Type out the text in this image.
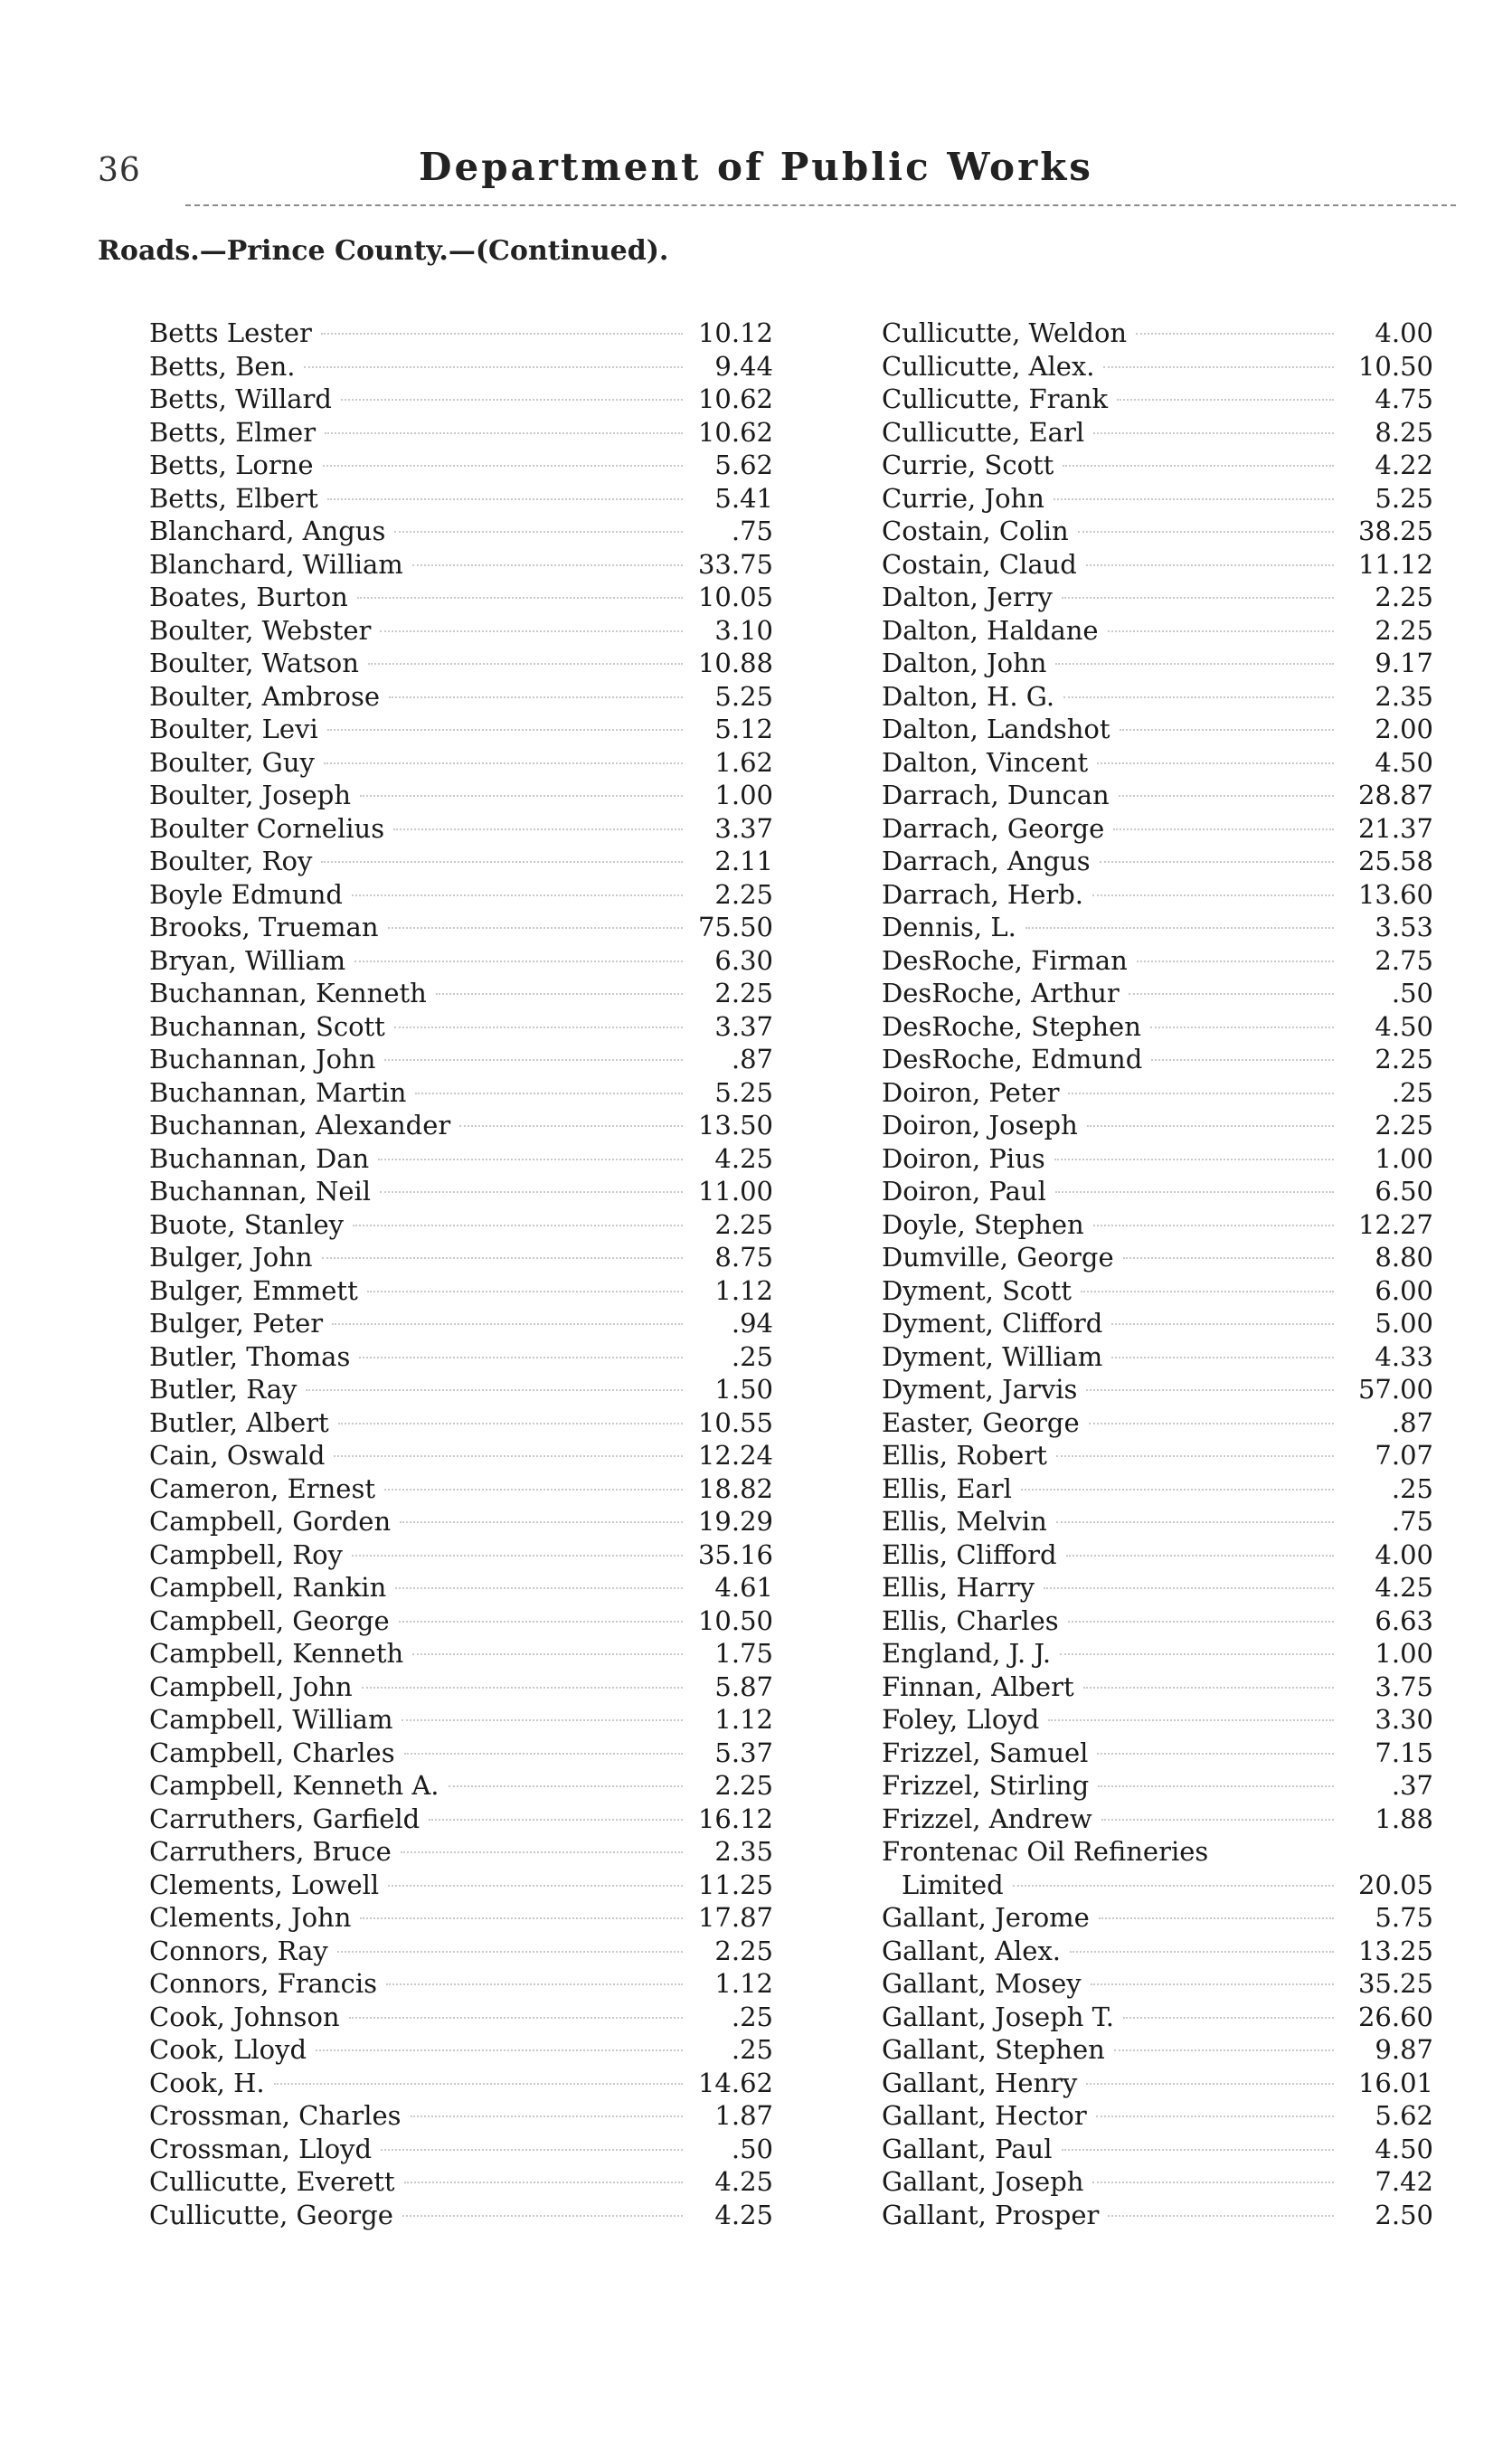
36	Department of Public Works
Roads.—Prince County.—(Continued).
Betts Lester	10.12
Betts, Ben.	9.44
Betts, Willard	10.62
Betts, Elmer	10.62
Betts, Lorne	5.62
Betts, Elbert	5.41
Blanchard, Angus	.75
Blanchard, William	33.75
Boates, Burton	10.05
Boulter, Webster	3.10
Boulter, Watson	10.88
Boulter, Ambrose	5.25
Boulter, Levi	5.12
Boulter, Guy	1.62
Boulter, Joseph	1.00
Boulter Cornelius	3.37
Boulter, Roy	2.11
Boyle Edmund	2.25
Brooks, Trueman	75.50
Bryan, William	6.30
Buchannan, Kenneth	2.25
Buchannan, Scott	3.37
Buchannan, John	.87
Buchannan, Martin	5.25
Buchannan, Alexander	13.50
Buchannan, Dan	4.25
Buchannan, Neil	11.00
Buote, Stanley	2.25
Bulger, John	8.75
Bulger, Emmett	1.12
Bulger, Peter	.94
Butler, Thomas	.25
Butler, Ray	1.50
Butler, Albert	10.55
Cain, Oswald	12.24
Cameron, Ernest	18.82
Campbell, Gorden	19.29
Campbell, Roy	35.16
Campbell, Rankin	4.61
Campbell, George	10.50
Campbell, Kenneth	1.75
Campbell, John	5.87
Campbell, William	1.12
Campbell, Charles	5.37
Campbell, Kenneth A.	2.25
Carruthers, Garfield	16.12
Carruthers, Bruce	2.35
Clements, Lowell	11.25
Clements, John	17.87
Connors, Ray	2.25
Connors, Francis	1.12
Cook, Johnson	.25
Cook, Lloyd	.25
Cook, H.	14.62
Crossman, Charles	1.87
Crossman, Lloyd	.50
Cullicutte, Everett	4.25
Cullicutte, George	4.25
Cullicutte, Weldon	4.00
Cullicutte, Alex.	10.50
Cullicutte, Frank	4.75
Cullicutte, Earl	8.25
Currie, Scott	4.22
Currie, John	5.25
Costain, Colin	38.25
Costain, Claud	11.12
Dalton, Jerry	2.25
Dalton, Haldane	2.25
Dalton, John	9.17
Dalton, H. G.	2.35
Dalton, Landshot	2.00
Dalton, Vincent	4.50
Darrach, Duncan	28.87
Darrach, George	21.37
Darrach, Angus	25.58
Darrach, Herb.	13.60
Dennis, L.	3.53
DesRoche, Firman	2.75
DesRoche, Arthur	.50
DesRoche, Stephen	4.50
DesRoche, Edmund	2.25
Doiron, Peter	.25
Doiron, Joseph	2.25
Doiron, Pius	1.00
Doiron, Paul	6.50
Doyle, Stephen	12.27
Dumville, George	8.80
Dyment, Scott	6.00
Dyment, Clifford	5.00
Dyment, William	4.33
Dyment, Jarvis	57.00
Easter, George	.87
Ellis, Robert	7.07
Ellis, Earl	.25
Ellis, Melvin	.75
Ellis, Clifford	4.00
Ellis, Harry	4.25
Ellis, Charles	6.63
England, J. J.	1.00
Finnan, Albert	3.75
Foley, Lloyd	3.30
Frizzel, Samuel	7.15
Frizzel, Stirling	.37
Frizzel, Andrew	1.88
Frontenac Oil Refineries
Limited	20.05
Gallant, Jerome	5.75
Gallant, Alex.	13.25
Gallant, Mosey	35.25
Gallant, Joseph T.	26.60
Gallant, Stephen	9.87
Gallant, Henry	16.01
Gallant, Hector	5.62
Gallant, Paul	4.50
Gallant, Joseph	7.42
Gallant, Prosper	2.50
